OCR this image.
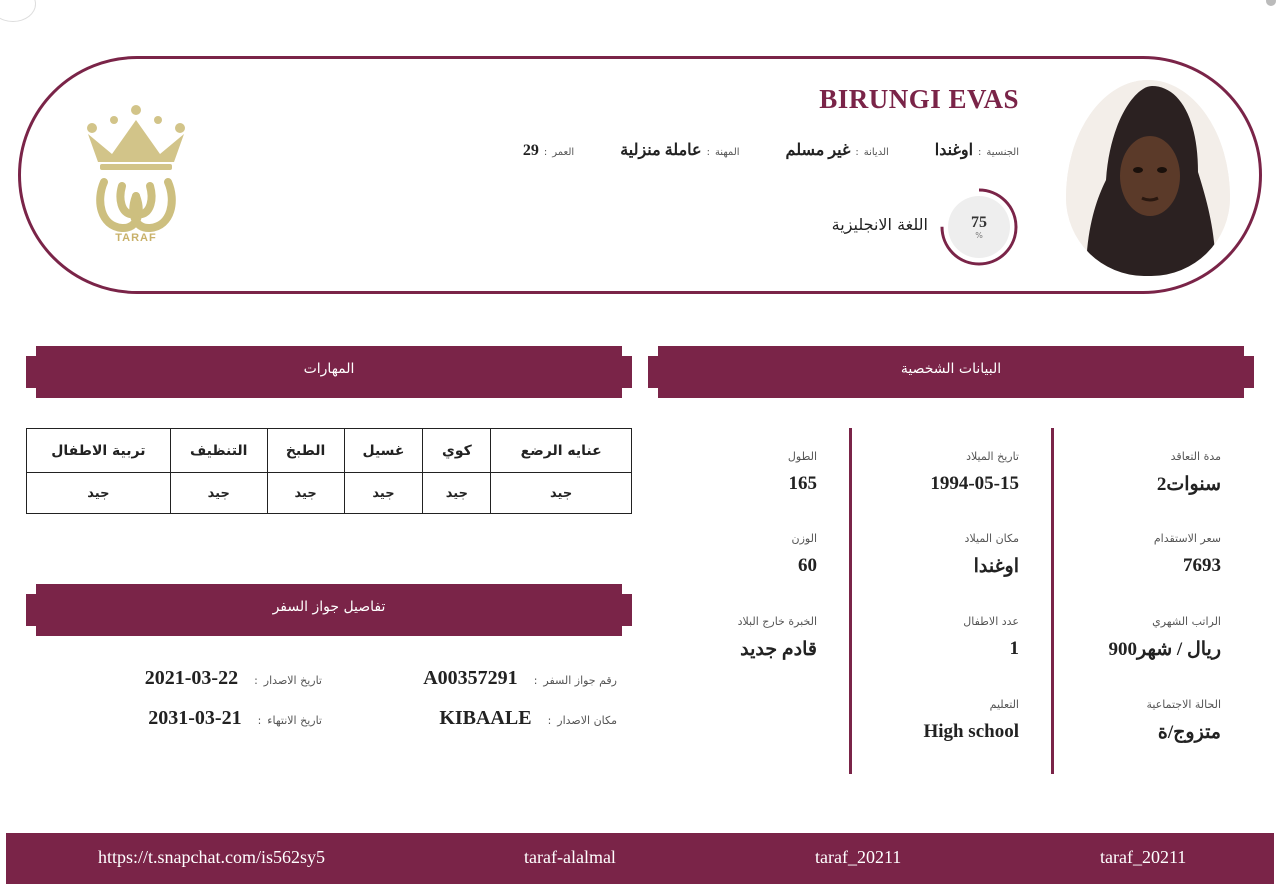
TARAF
BIRUNGI EVAS
الجنسية
:
اوغندا
الديانة
:
غير مسلم
المهنة
:
عاملة منزلية
العمر
:
29
75
%
اللغة الانجليزية
البيانات الشخصية
المهارات
تفاصيل جواز السفر
مدة التعاقد
2سنوات
سعر الاستقدام
7693
الراتب الشهري
900ريال / شهر
الحالة الاجتماعية
متزوج/ة
تاريخ الميلاد
1994-05-15
مكان الميلاد
اوغندا
عدد الاطفال
1
التعليم
High school
الطول
165
الوزن
60
الخبرة خارج البلاد
قادم جديد
عنايه الرضع	كوي	غسيل	الطبخ	التنظيف	تربية الاطفال
جيد	جيد	جيد	جيد	جيد	جيد
رقم جواز السفر
:
A00357291
تاريخ الاصدار
:
2021-03-22
مكان الاصدار
:
KIBAALE
تاريخ الانتهاء
:
2031-03-21
https://t.snapchat.com/is562sy5	taraf-alalmal	taraf_20211	taraf_20211
